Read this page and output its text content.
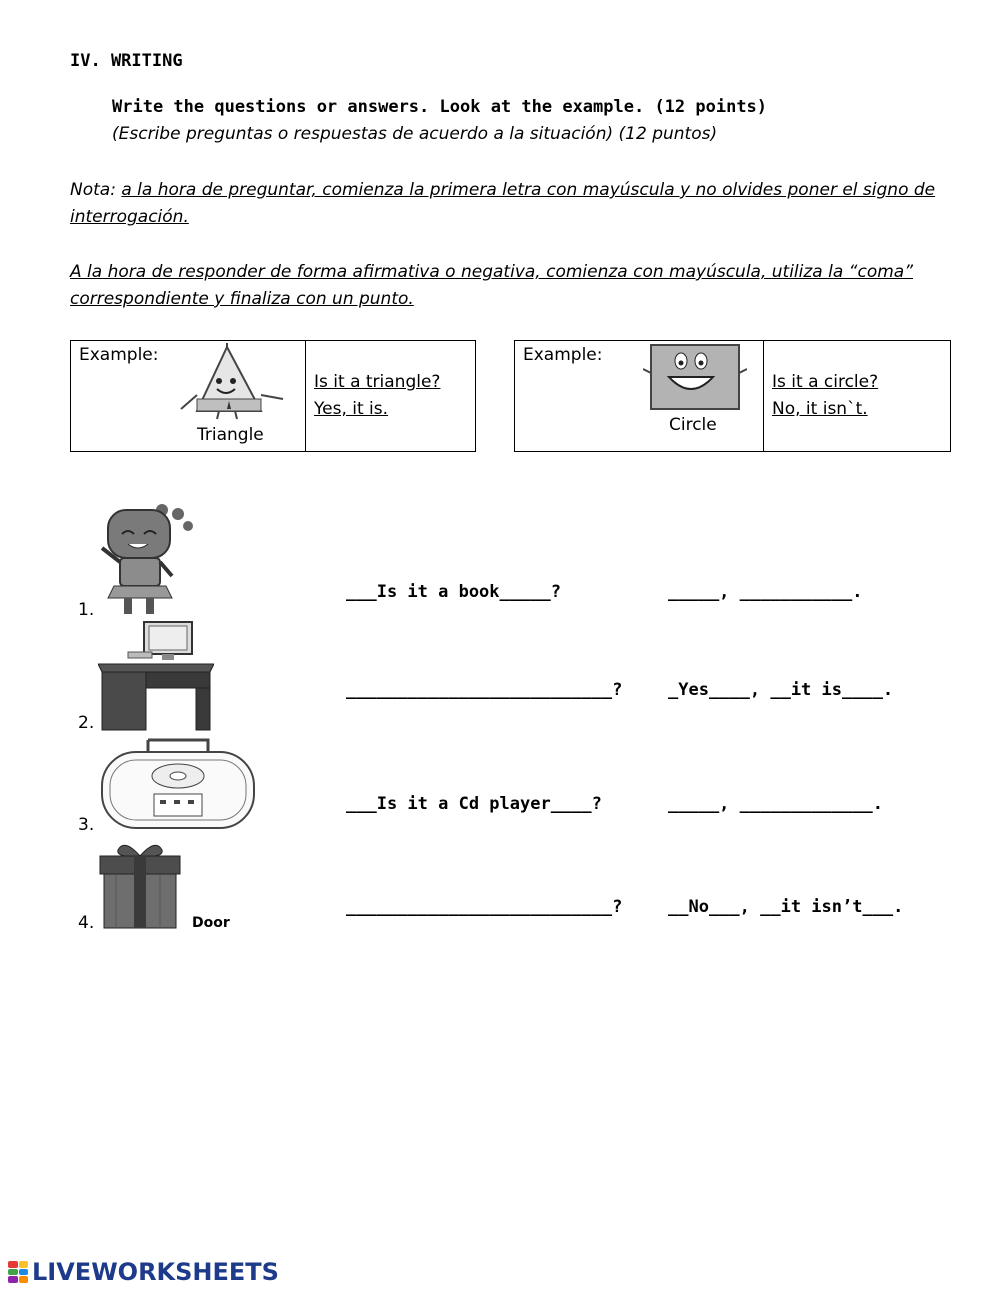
IV. WRITING
Write the questions or answers. Look at the example. (12 points)
(Escribe preguntas o respuestas de acuerdo a la situación) (12 puntos)
Nota: a la hora de preguntar, comienza la primera letra con mayúscula y no olvides poner el signo de interrogación.
A la hora de responder de forma afirmativa o negativa, comienza con mayúscula, utiliza la “coma” correspondiente y finaliza con un punto.
Example:
Triangle
Is it a triangle?
Yes, it is.
Example:
Circle
Is it a circle?
No, it isn`t.
1.
___Is it a book_____?	_____, ___________.
2.
__________________________?	_Yes____, __it is____.
3.
___Is it a Cd player____?	_____, _____________.
4.	Door
__________________________?	__No___, __it isn’t___.
LIVEWORKSHEETS
